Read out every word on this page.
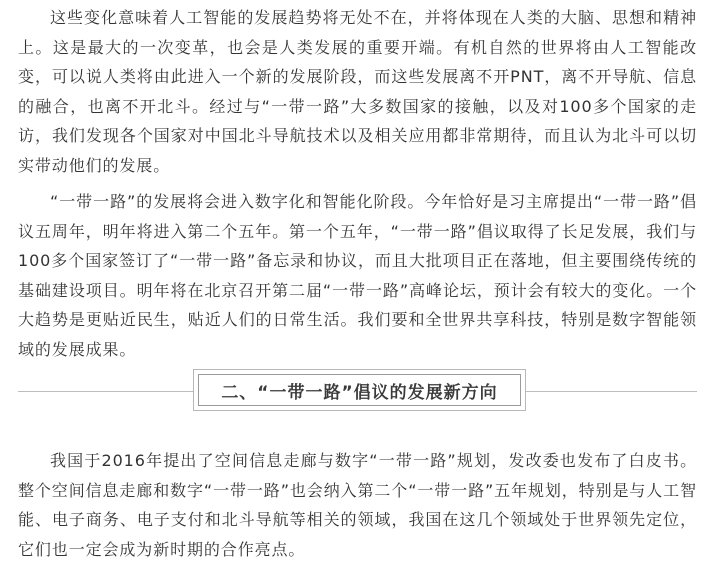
这些变化意味着人工智能的发展趋势将无处不在，并将体现在人类的大脑、思想和精神上。这是最大的一次变革，也会是人类发展的重要开端。有机自然的世界将由人工智能改变，可以说人类将由此进入一个新的发展阶段，而这些发展离不开PNT，离不开导航、信息的融合，也离不开北斗。经过与“一带一路”大多数国家的接触，以及对100多个国家的走访，我们发现各个国家对中国北斗导航技术以及相关应用都非常期待，而且认为北斗可以切实带动他们的发展。

“一带一路”的发展将会进入数字化和智能化阶段。今年恰好是习主席提出“一带一路”倡议五周年，明年将进入第二个五年。第一个五年，“一带一路”倡议取得了长足发展，我们与100多个国家签订了“一带一路”备忘录和协议，而且大批项目正在落地，但主要围绕传统的基础建设项目。明年将在北京召开第二届“一带一路”高峰论坛，预计会有较大的变化。一个大趋势是更贴近民生，贴近人们的日常生活。我们要和全世界共享科技，特别是数字智能领域的发展成果。

二、“一带一路”倡议的发展新方向

我国于2016年提出了空间信息走廊与数字“一带一路”规划，发改委也发布了白皮书。整个空间信息走廊和数字“一带一路”也会纳入第二个“一带一路”五年规划，特别是与人工智能、电子商务、电子支付和北斗导航等相关的领域，我国在这几个领域处于世界领先定位，它们也一定会成为新时期的合作亮点。
